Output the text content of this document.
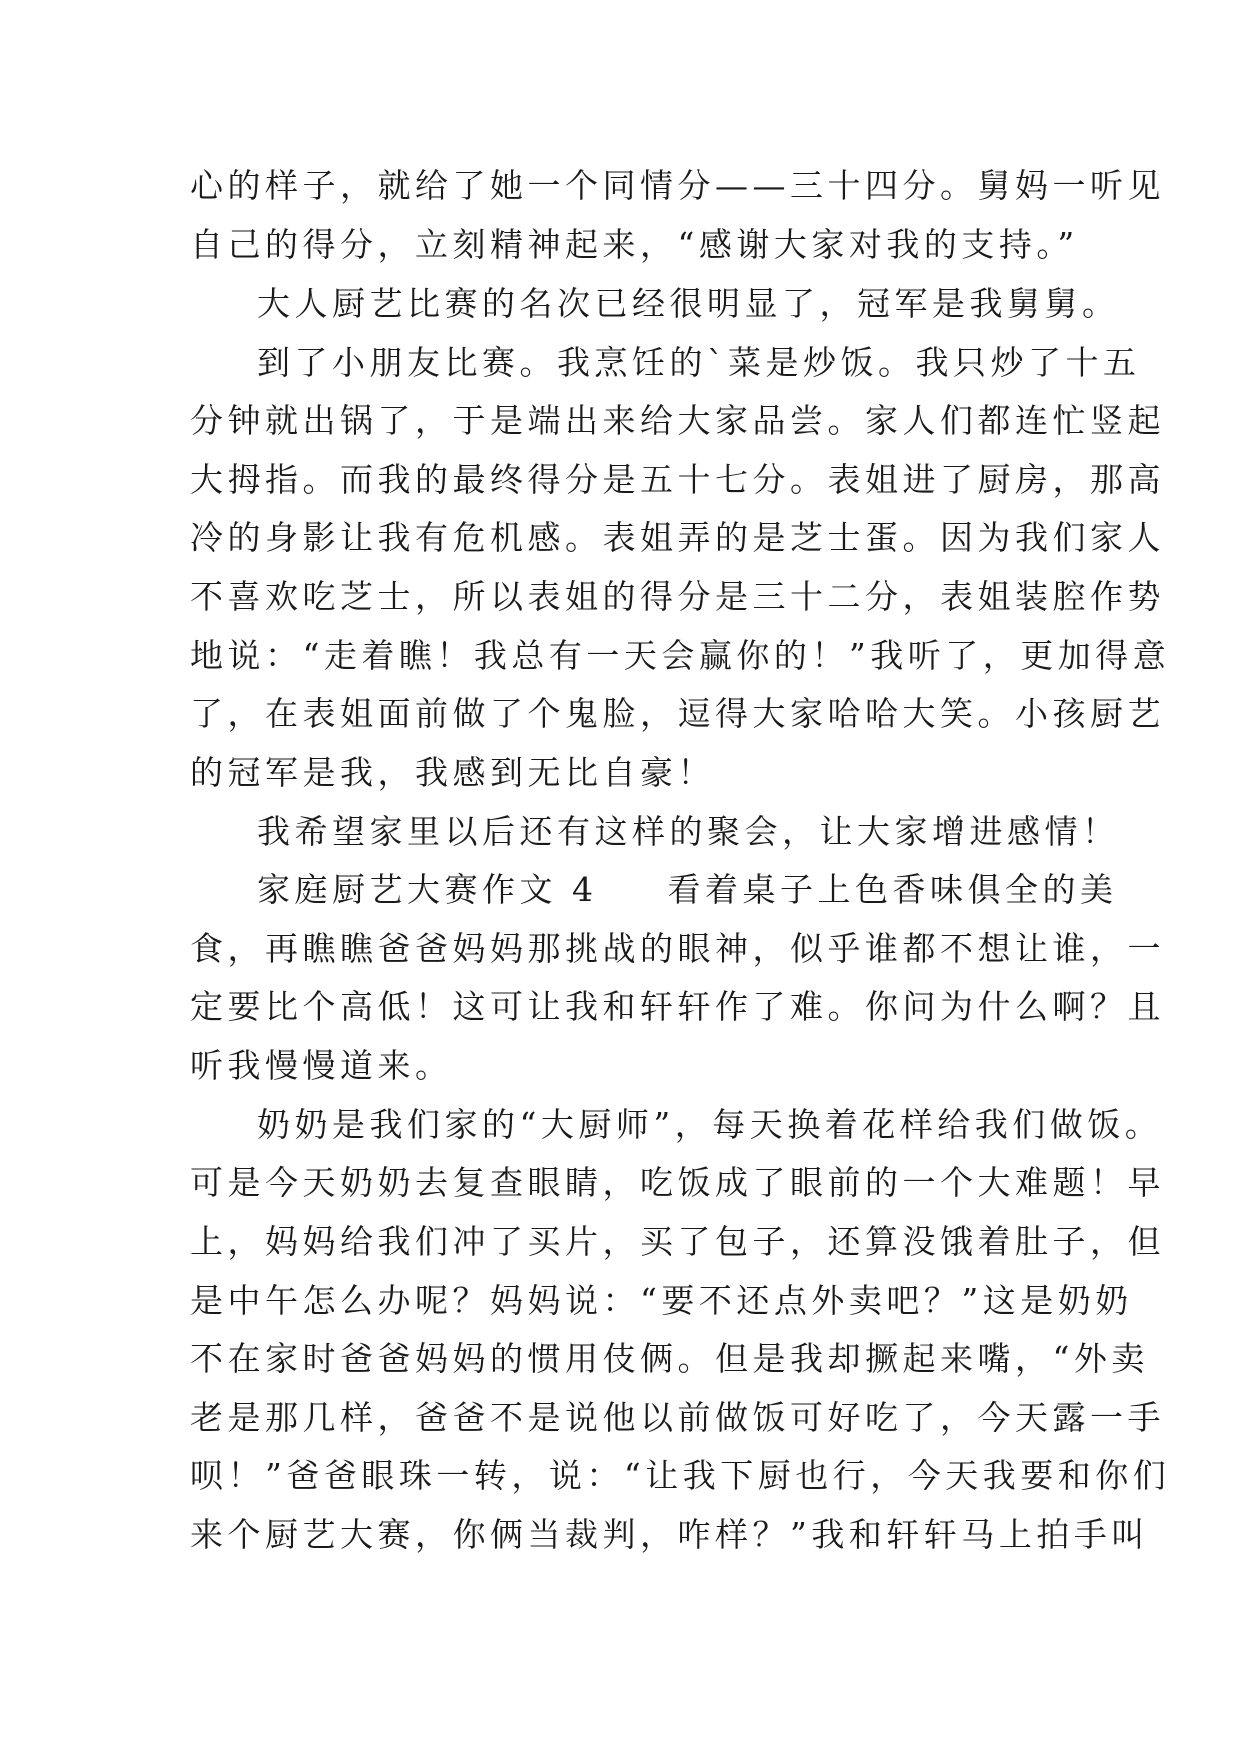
心的样子，就给了她一个同情分——三十四分。舅妈一听见

自己的得分，立刻精神起来，“感谢大家对我的支持。”

大人厨艺比赛的名次已经很明显了，冠军是我舅舅。

到了小朋友比赛。我烹饪的`菜是炒饭。我只炒了十五

分钟就出锅了，于是端出来给大家品尝。家人们都连忙竖起

大拇指。而我的最终得分是五十七分。表姐进了厨房，那高

冷的身影让我有危机感。表姐弄的是芝士蛋。因为我们家人

不喜欢吃芝士，所以表姐的得分是三十二分，表姐装腔作势

地说：“走着瞧！我总有一天会赢你的！”我听了，更加得意

了，在表姐面前做了个鬼脸，逗得大家哈哈大笑。小孩厨艺

的冠军是我，我感到无比自豪！

我希望家里以后还有这样的聚会，让大家增进感情！

家庭厨艺大赛作文 4 看着桌子上色香味俱全的美

食，再瞧瞧爸爸妈妈那挑战的眼神，似乎谁都不想让谁，一

定要比个高低！这可让我和轩轩作了难。你问为什么啊？且

听我慢慢道来。

奶奶是我们家的“大厨师”，每天换着花样给我们做饭。

可是今天奶奶去复查眼睛，吃饭成了眼前的一个大难题！早

上，妈妈给我们冲了买片，买了包子，还算没饿着肚子，但

是中午怎么办呢？妈妈说：“要不还点外卖吧？”这是奶奶

不在家时爸爸妈妈的惯用伎俩。但是我却撅起来嘴，“外卖

老是那几样，爸爸不是说他以前做饭可好吃了，今天露一手

呗！”爸爸眼珠一转，说：“让我下厨也行，今天我要和你们

来个厨艺大赛，你俩当裁判，咋样？”我和轩轩马上拍手叫
